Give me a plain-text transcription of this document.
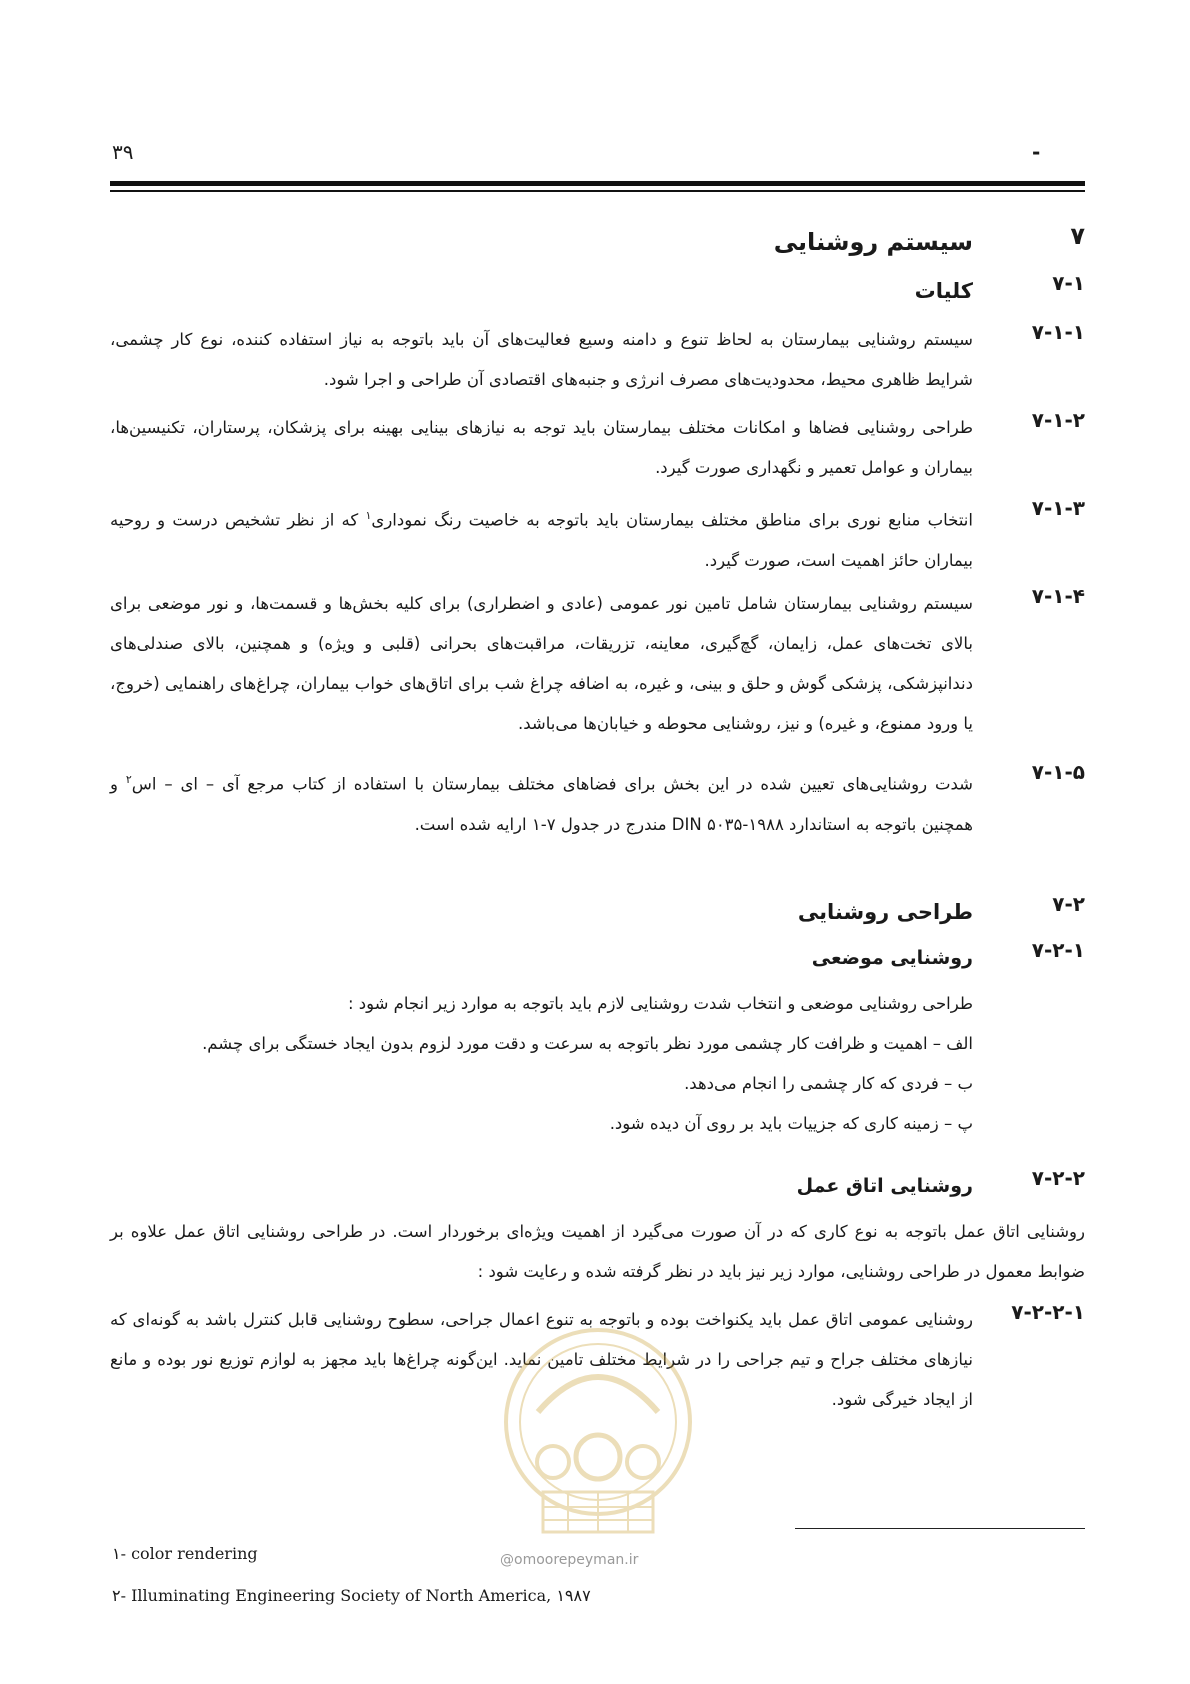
۳۹	-
۷
سیستم روشنایی
۷-۱
کلیات
۷-۱-۱
سیستم روشنایی بیمارستان به لحاظ تنوع و دامنه وسیع فعالیت‌های آن باید باتوجه به نیاز استفاده کننده، نوع کار چشمی، شرایط ظاهری محیط، محدودیت‌های مصرف انرژی و جنبه‌های اقتصادی آن طراحی و اجرا شود.
۷-۱-۲
طراحی روشنایی فضاها و امکانات مختلف بیمارستان باید توجه به نیازهای بینایی بهینه برای پزشکان، پرستاران، تکنیسین‌ها، بیماران و عوامل تعمیر و نگهداری صورت گیرد.
۷-۱-۳
انتخاب منابع نوری برای مناطق مختلف بیمارستان باید باتوجه به خاصیت رنگ نموداری$^۱$ که از نظر تشخیص درست و روحیه بیماران حائز اهمیت است، صورت گیرد.
۷-۱-۴
سیستم روشنایی بیمارستان شامل تامین نور عمومی (عادی و اضطراری) برای کلیه بخش‌ها و قسمت‌ها، و نور موضعی برای بالای تخت‌های عمل، زایمان، گچ‌گیری، معاینه، تزریقات، مراقبت‌های بحرانی (قلبی و ویژه) و همچنین، بالای صندلی‌های دندانپزشکی، پزشکی گوش و حلق و بینی، و غیره، به اضافه چراغ شب برای اتاق‌های خواب بیماران، چراغ‌های راهنمایی (خروج، یا ورود ممنوع، و غیره) و نیز، روشنایی محوطه و خیابان‌ها می‌باشد.
۷-۱-۵
شدت روشنایی‌های تعیین شده در این بخش برای فضاهای مختلف بیمارستان با استفاده از کتاب مرجع آی – ای – اس$^۲$ و همچنین باتوجه به استاندارد DIN ۵۰۳۵-۱۹۸۸ مندرج در جدول ۷-۱ ارایه شده است.
۷-۲
طراحی روشنایی
۷-۲-۱
روشنایی موضعی
طراحی روشنایی موضعی و انتخاب شدت روشنایی لازم باید باتوجه به موارد زیر انجام شود :
الف – اهمیت و ظرافت کار چشمی مورد نظر باتوجه به سرعت و دقت مورد لزوم بدون ایجاد خستگی برای چشم.
ب – فردی که کار چشمی را انجام می‌دهد.
پ – زمینه کاری که جزییات باید بر روی آن دیده شود.
۷-۲-۲
روشنایی اتاق عمل
روشنایی اتاق عمل باتوجه به نوع کاری که در آن صورت می‌گیرد از اهمیت ویژه‌ای برخوردار است. در طراحی روشنایی اتاق عمل علاوه بر ضوابط معمول در طراحی روشنایی، موارد زیر نیز باید در نظر گرفته شده و رعایت شود :
۷-۲-۲-۱
روشنایی عمومی اتاق عمل باید یکنواخت بوده و باتوجه به تنوع اعمال جراحی، سطوح روشنایی قابل کنترل باشد به گونه‌ای که نیازهای مختلف جراح و تیم جراحی را در شرایط مختلف تامین نماید. این‌گونه چراغ‌ها باید مجهز به لوازم توزیع نور بوده و مانع از ایجاد خیرگی شود.
۱- color rendering	@omoorepeyman.ir
۲- Illuminating Engineering Society of North America, ۱۹۸۷
